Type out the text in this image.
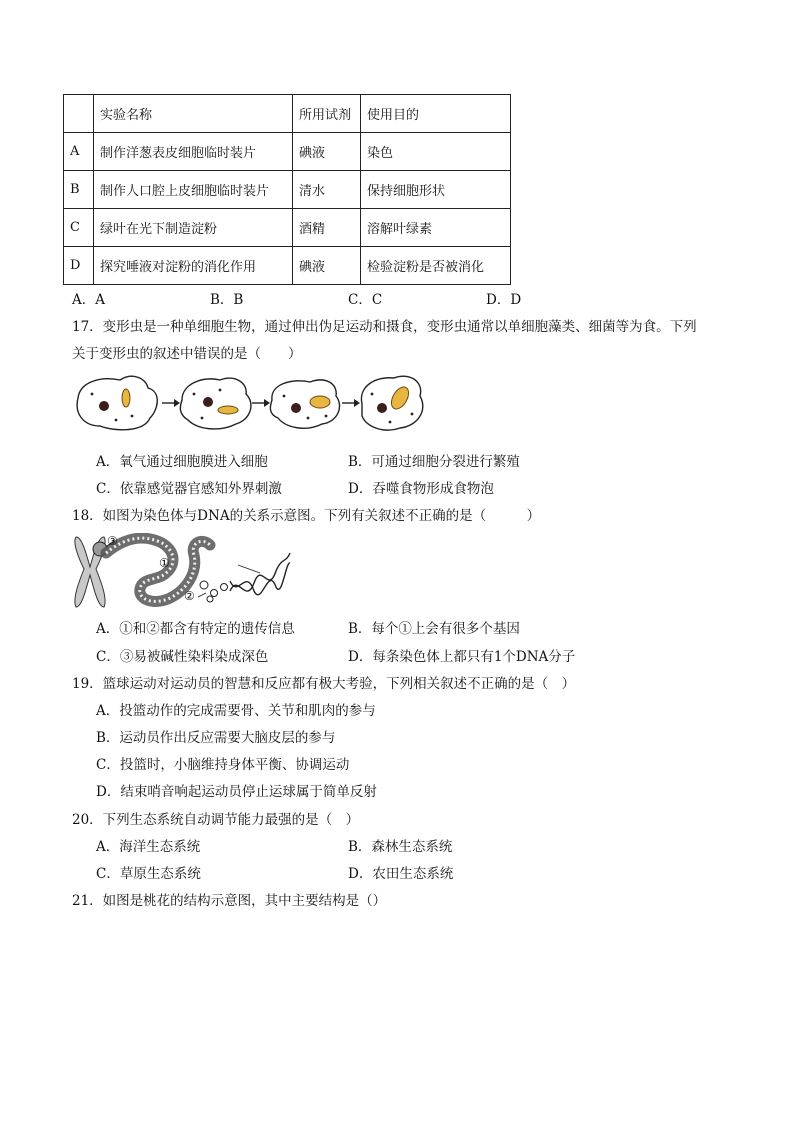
	实验名称	所用试剂	使用目的
A	制作洋葱表皮细胞临时装片	碘液	染色
B	制作人口腔上皮细胞临时装片	清水	保持细胞形状
C	绿叶在光下制造淀粉	酒精	溶解叶绿素
D	探究唾液对淀粉的消化作用	碘液	检验淀粉是否被消化
A．A	B．B	C．C	D．D
17．变形虫是一种单细胞生物，通过伸出伪足运动和摄食，变形虫通常以单细胞藻类、细菌等为食。下列
关于变形虫的叙述中错误的是（　　）
A．氧气通过细胞膜进入细胞	B．可通过细胞分裂进行繁殖
C．依靠感觉器官感知外界刺激	D．吞噬食物形成食物泡
18．如图为染色体与DNA的关系示意图。下列有关叙述不正确的是（　　　）
①
②
③
A．①和②都含有特定的遗传信息	B．每个①上会有很多个基因
C．③易被碱性染料染成深色	D．每条染色体上都只有1个DNA分子
19．篮球运动对运动员的智慧和反应都有极大考验，下列相关叙述不正确的是（　）
A．投篮动作的完成需要骨、关节和肌肉的参与
B．运动员作出反应需要大脑皮层的参与
C．投篮时，小脑维持身体平衡、协调运动
D．结束哨音响起运动员停止运球属于简单反射
20．下列生态系统自动调节能力最强的是（　）
A．海洋生态系统	B．森林生态系统
C．草原生态系统	D．农田生态系统
21．如图是桃花的结构示意图，其中主要结构是（）
